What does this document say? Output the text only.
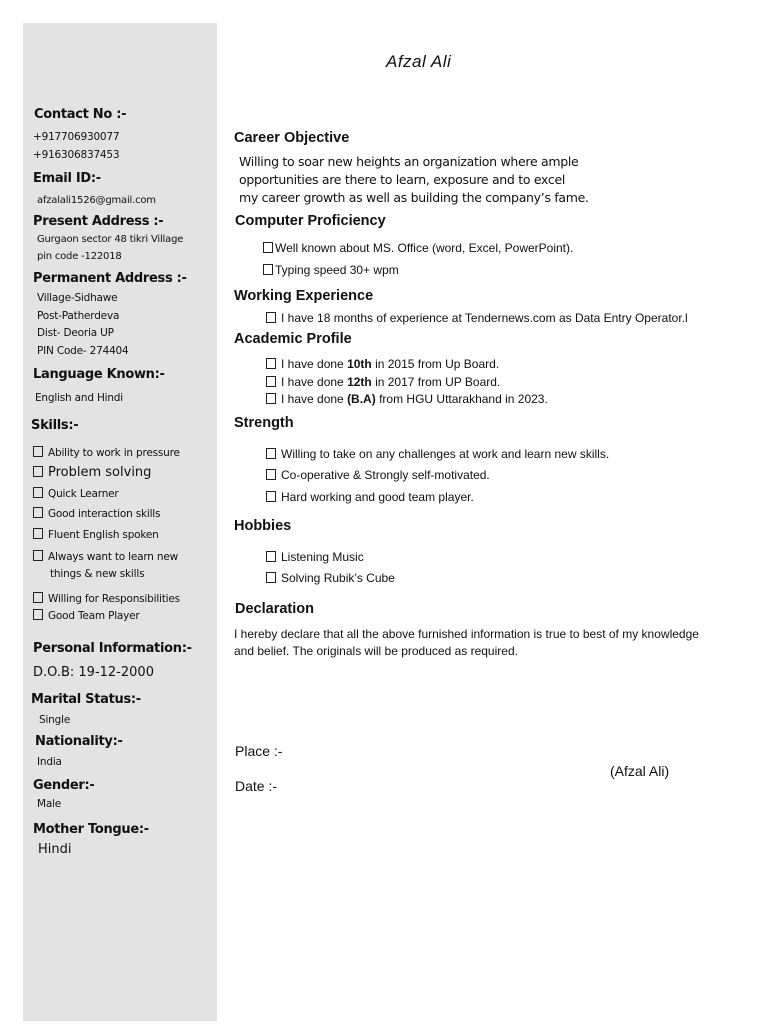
Afzal Ali
Contact No :-
+917706930077
+916306837453
Email ID:-
afzalali1526@gmail.com
Present Address :-
Gurgaon sector 48 tikri Village
pin code -122018
Permanent Address :-
Village-Sidhawe
Post-Patherdeva
Dist- Deoria UP
PIN Code- 274404
Language Known:-
English and Hindi
Skills:-
Ability to work in pressure
Problem solving
Quick Learner
Good interaction skills
Fluent English spoken
Always want to learn new
things & new skills
Willing for Responsibilities
Good Team Player
Personal Information:-
D.O.B: 19-12-2000
Marital Status:-
Single
Nationality:-
India
Gender:-
Male
Mother Tongue:-
Hindi
Career Objective
Willing to soar new heights an organization where ample
opportunities are there to learn, exposure and to excel
my career growth as well as building the company’s fame.
Computer Proficiency
Well known about MS. Office (word, Excel, PowerPoint).
Typing speed 30+ wpm
Working Experience
I have 18 months of experience at Tendernews.com as Data Entry Operator.l
Academic Profile
I have done 10th in 2015 from Up Board.
I have done 12th in 2017 from UP Board.
I have done (B.A) from HGU Uttarakhand in 2023.
Strength
Willing to take on any challenges at work and learn new skills.
Co-operative & Strongly self-motivated.
Hard working and good team player.
Hobbies
Listening Music
Solving Rubik’s Cube
Declaration
I hereby declare that all the above furnished information is true to best of my knowledge
and belief. The originals will be produced as required.
Place :-
Date :-
(Afzal Ali)
